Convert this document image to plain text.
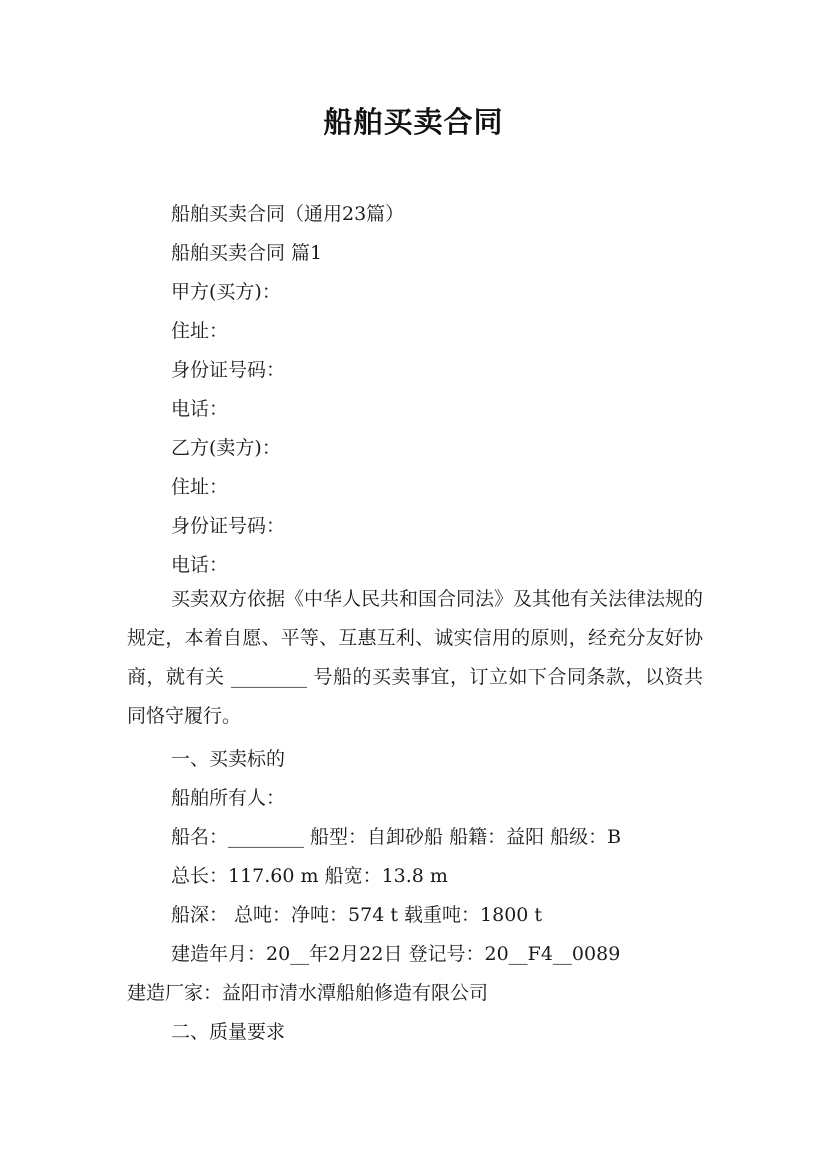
船舶买卖合同
船舶买卖合同（通用23篇）
船舶买卖合同 篇1
甲方(买方)：
住址：
身份证号码：
电话：
乙方(卖方)：
住址：
身份证号码：
电话：
买卖双方依据《中华人民共和国合同法》及其他有关法律法规的规定，本着自愿、平等、互惠互利、诚实信用的原则，经充分友好协商，就有关 ________ 号船的买卖事宜，订立如下合同条款，以资共同恪守履行。
一、买卖标的
船舶所有人：
船名：________ 船型：自卸砂船 船籍：益阳 船级：B
总长：117.60 m 船宽：13.8 m
船深： 总吨：净吨：574 t 载重吨：1800 t
建造年月：20__年2月22日 登记号：20__F4__0089
建造厂家：益阳市清水潭船舶修造有限公司
二、质量要求
